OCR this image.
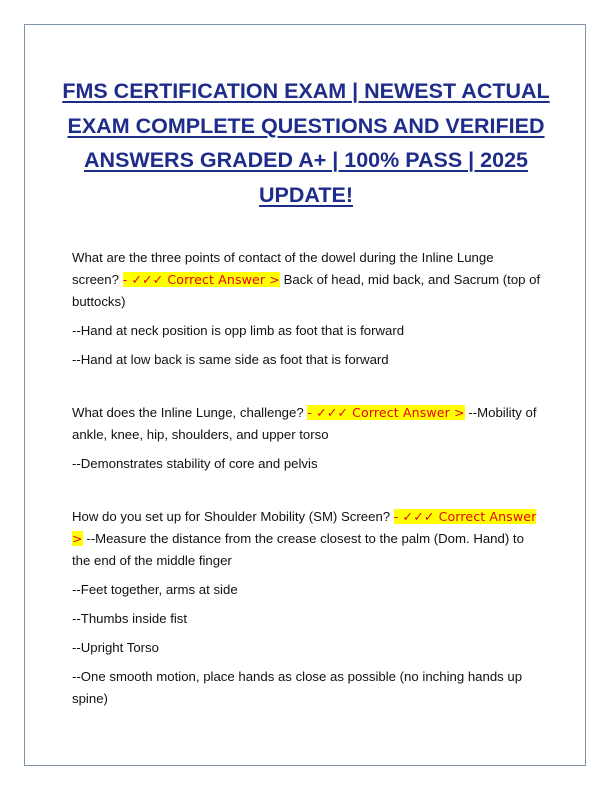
FMS CERTIFICATION EXAM | NEWEST ACTUAL EXAM COMPLETE QUESTIONS AND VERIFIED ANSWERS GRADED A+ | 100% PASS | 2025 UPDATE!

What are the three points of contact of the dowel during the Inline Lunge screen? - ✓✓✓ Correct Answer > Back of head, mid back, and Sacrum (top of buttocks)

--Hand at neck position is opp limb as foot that is forward

--Hand at low back is same side as foot that is forward

What does the Inline Lunge, challenge? - ✓✓✓ Correct Answer > --Mobility of ankle, knee, hip, shoulders, and upper torso

--Demonstrates stability of core and pelvis

How do you set up for Shoulder Mobility (SM) Screen? - ✓✓✓ Correct Answer > --Measure the distance from the crease closest to the palm (Dom. Hand) to the end of the middle finger

--Feet together, arms at side

--Thumbs inside fist

--Upright Torso

--One smooth motion, place hands as close as possible (no inching hands up spine)
